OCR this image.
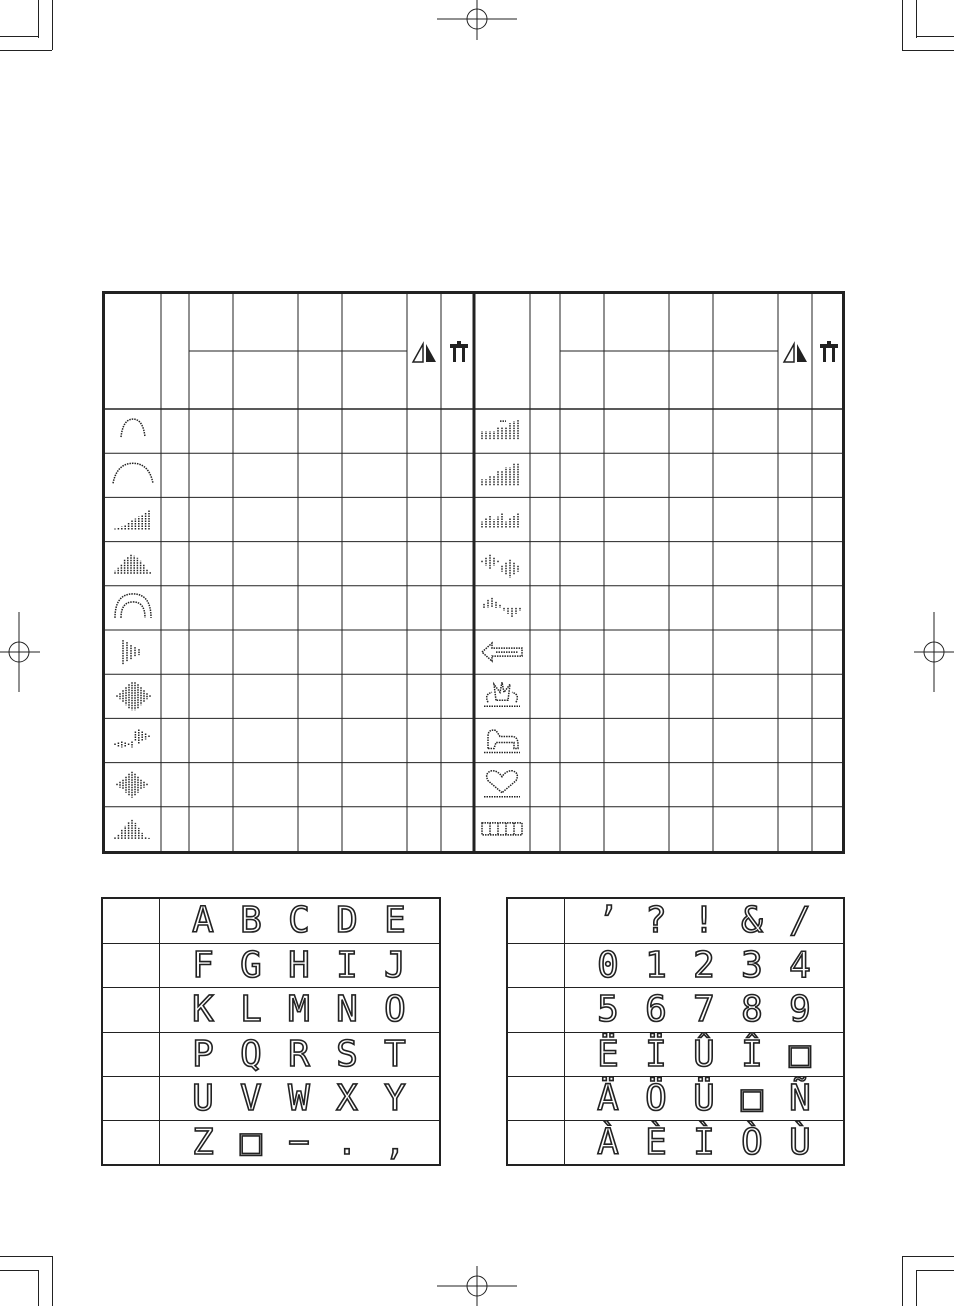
A B C D E
F G H I J
K L M N O
P Q R S T
U V W X Y
Z □ − . ,
’ ? ! & /
0 1 2 3 4
5 6 7 8 9
Ë Ï Û Î □
Ä Ö Ü □ Ñ
À È Ì Ò Ù
